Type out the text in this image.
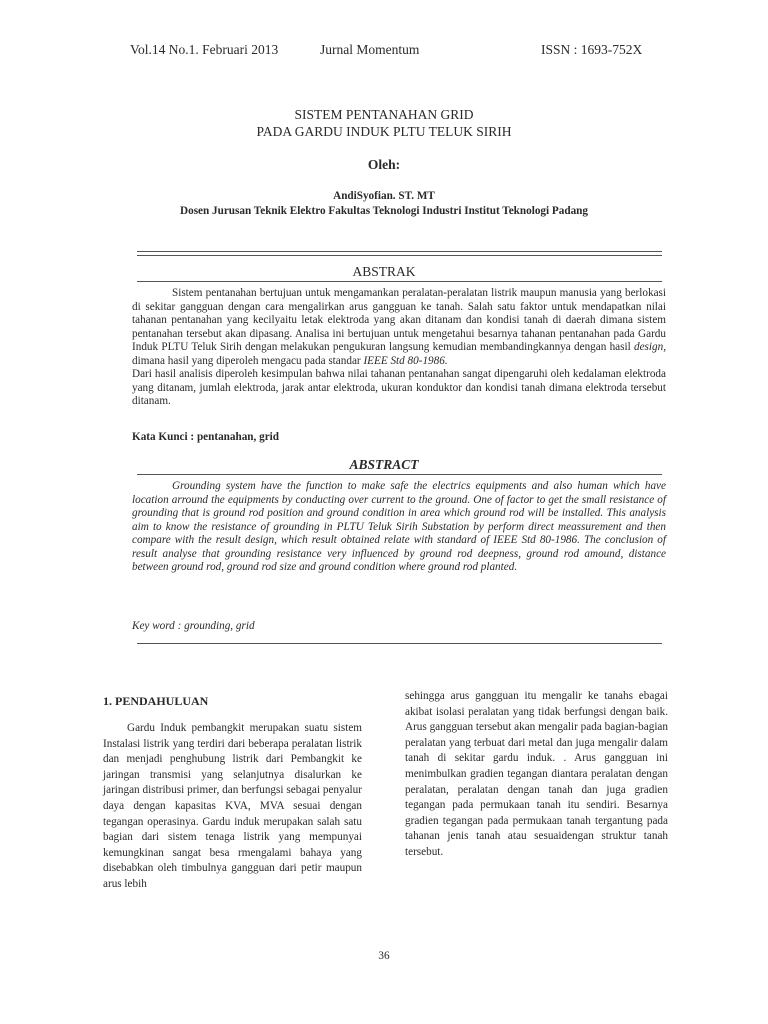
Vol.14 No.1. Februari 2013	Jurnal Momentum	ISSN : 1693-752X
SISTEM PENTANAHAN GRID
PADA GARDU INDUK PLTU TELUK SIRIH
Oleh:
AndiSyofian. ST. MT
Dosen Jurusan Teknik Elektro Fakultas Teknologi Industri Institut Teknologi Padang
ABSTRAK

Sistem pentanahan bertujuan untuk mengamankan peralatan-peralatan listrik maupun manusia yang berlokasi di sekitar gangguan dengan cara mengalirkan arus gangguan ke tanah. Salah satu faktor untuk mendapatkan nilai tahanan pentanahan yang kecilyaitu letak elektroda yang akan ditanam dan kondisi tanah di daerah dimana sistem pentanahan tersebut akan dipasang. Analisa ini bertujuan untuk mengetahui besarnya tahanan pentanahan pada Gardu Induk PLTU Teluk Sirih dengan melakukan pengukuran langsung kemudian membandingkannya dengan hasil design, dimana hasil yang diperoleh mengacu pada standar IEEE Std 80-1986.

Dari hasil analisis diperoleh kesimpulan bahwa nilai tahanan pentanahan sangat dipengaruhi oleh kedalaman elektroda yang ditanam, jumlah elektroda, jarak antar elektroda, ukuran konduktor dan kondisi tanah dimana elektroda tersebut ditanam.

Kata Kunci : pentanahan, grid
ABSTRACT

Grounding system have the function to make safe the electrics equipments and also human which have location arround the equipments by conducting over current to the ground. One of factor to get the small resistance of grounding that is ground rod position and ground condition in area which ground rod will be installed. This analysis aim to know the resistance of grounding in PLTU Teluk Sirih Substation by perform direct meassurement and then compare with the result design, which result obtained relate with standard of IEEE Std 80-1986. The conclusion of result analyse that grounding resistance very influenced by ground rod deepness, ground rod amound, distance between ground rod, ground rod size and ground condition where ground rod planted.

Key word : grounding, grid
1. PENDAHULUAN

Gardu Induk pembangkit merupakan suatu sistem Instalasi listrik yang terdiri dari beberapa peralatan listrik dan menjadi penghubung listrik dari Pembangkit ke jaringan transmisi yang selanjutnya disalurkan ke jaringan distribusi primer, dan berfungsi sebagai penyalur daya dengan kapasitas KVA, MVA sesuai dengan tegangan operasinya. Gardu induk merupakan salah satu bagian dari sistem tenaga listrik yang mempunyai kemungkinan sangat besa rmengalami bahaya yang disebabkan oleh timbulnya gangguan dari petir maupun arus lebih

sehingga arus gangguan itu mengalir ke tanahs ebagai akibat isolasi peralatan yang tidak berfungsi dengan baik. Arus gangguan tersebut akan mengalir pada bagian-bagian peralatan yang terbuat dari metal dan juga mengalir dalam tanah di sekitar gardu induk. . Arus gangguan ini menimbulkan gradien tegangan diantara peralatan dengan peralatan, peralatan dengan tanah dan juga gradien tegangan pada permukaan tanah itu sendiri. Besarnya gradien tegangan pada permukaan tanah tergantung pada tahanan jenis tanah atau sesuaidengan struktur tanah tersebut.

36
